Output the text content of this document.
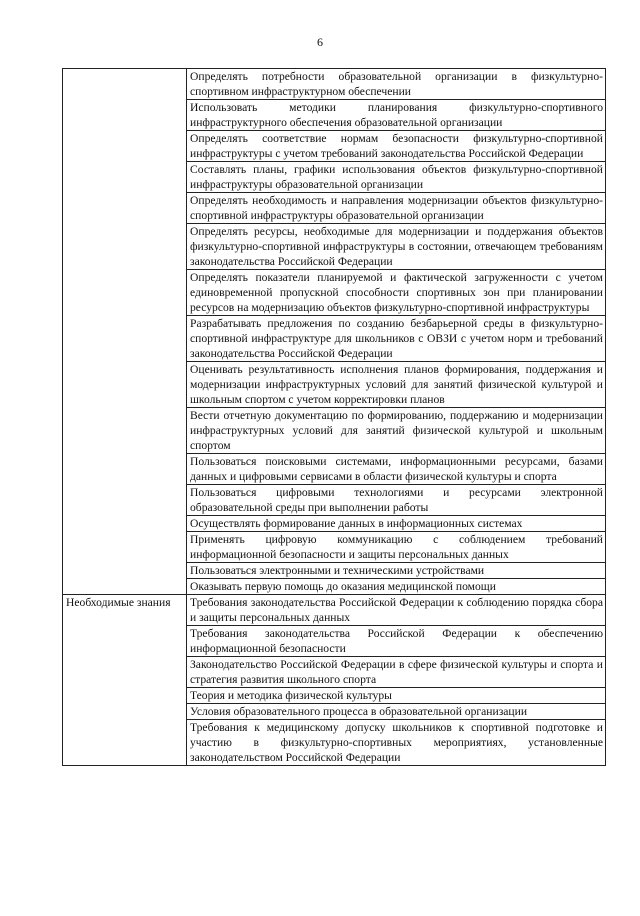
6
	Определять потребности образовательной организации в физкультурно-спортивном инфраструктурном обеспечении
	Использовать методики планирования физкультурно-спортивного инфраструктурного обеспечения образовательной организации
	Определять соответствие нормам безопасности физкультурно-спортивной инфраструктуры с учетом требований законодательства Российской Федерации
	Составлять планы, графики использования объектов физкультурно-спортивной инфраструктуры образовательной организации
	Определять необходимость и направления модернизации объектов физкультурно-спортивной инфраструктуры образовательной организации
	Определять ресурсы, необходимые для модернизации и поддержания объектов физкультурно-спортивной инфраструктуры в состоянии, отвечающем требованиям законодательства Российской Федерации
	Определять показатели планируемой и фактической загруженности с учетом единовременной пропускной способности спортивных зон при планировании ресурсов на модернизацию объектов физкультурно-спортивной инфраструктуры
	Разрабатывать предложения по созданию безбарьерной среды в физкультурно-спортивной инфраструктуре для школьников с ОВЗИ с учетом норм и требований законодательства Российской Федерации
	Оценивать результативность исполнения планов формирования, поддержания и модернизации инфраструктурных условий для занятий физической культурой и школьным спортом с учетом корректировки планов
	Вести отчетную документацию по формированию, поддержанию и модернизации инфраструктурных условий для занятий физической культурой и школьным спортом
	Пользоваться поисковыми системами, информационными ресурсами, базами данных и цифровыми сервисами в области физической культуры и спорта
	Пользоваться цифровыми технологиями и ресурсами электронной образовательной среды при выполнении работы
	Осуществлять формирование данных в информационных системах
	Применять цифровую коммуникацию с соблюдением требований информационной безопасности и защиты персональных данных
	Пользоваться электронными и техническими устройствами
	Оказывать первую помощь до оказания медицинской помощи
Необходимые знания	Требования законодательства Российской Федерации к соблюдению порядка сбора и защиты персональных данных
	Требования законодательства Российской Федерации к обеспечению информационной безопасности
	Законодательство Российской Федерации в сфере физической культуры и спорта и стратегия развития школьного спорта
	Теория и методика физической культуры
	Условия образовательного процесса в образовательной организации
	Требования к медицинскому допуску школьников к спортивной подготовке и участию в физкультурно-спортивных мероприятиях, установленные законодательством Российской Федерации
